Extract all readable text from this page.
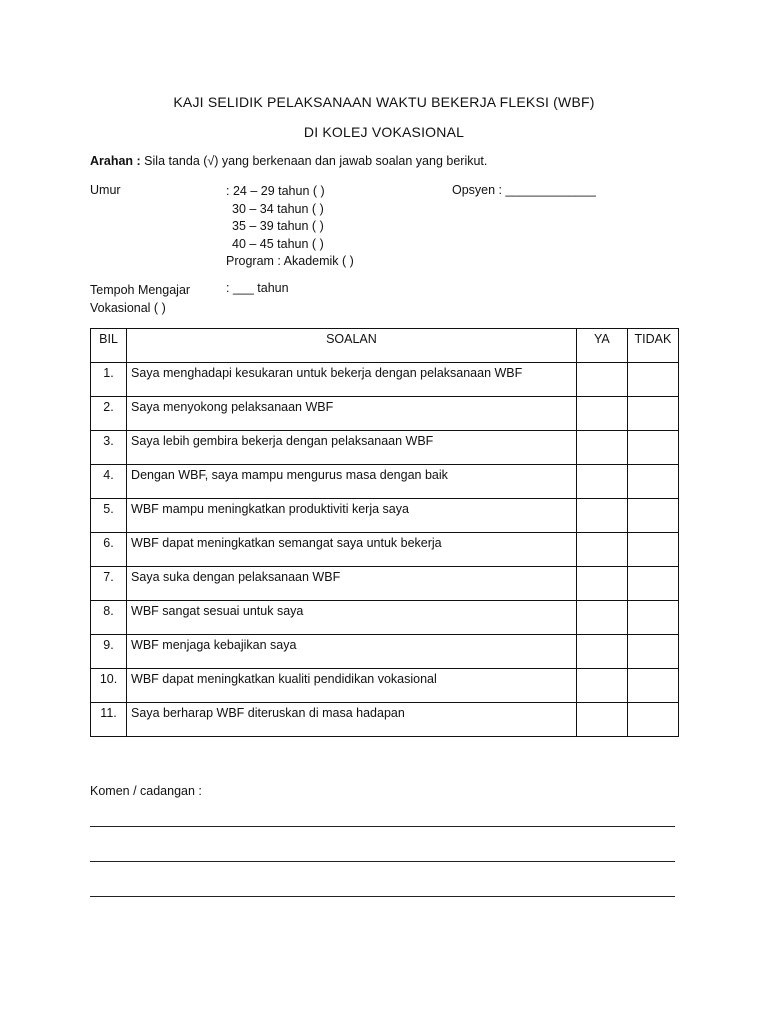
KAJI SELIDIK PELAKSANAAN WAKTU BEKERJA FLEKSI (WBF)
DI KOLEJ VOKASIONAL
Arahan : Sila tanda (√) yang berkenaan dan jawab soalan yang berikut.
Umur	: 24 – 29 tahun ( )
30 – 34 tahun ( )
35 – 39 tahun ( )
40 – 45 tahun ( )
Program : Akademik ( )
Opsyen : _____________
Tempoh Mengajar
Vokasional ( )
: ___ tahun
BIL	SOALAN	YA	TIDAK
1.	Saya menghadapi kesukaran untuk bekerja dengan pelaksanaan WBF		
2.	Saya menyokong pelaksanaan WBF		
3.	Saya lebih gembira bekerja dengan pelaksanaan WBF		
4.	Dengan WBF, saya mampu mengurus masa dengan baik		
5.	WBF mampu meningkatkan produktiviti kerja saya		
6.	WBF dapat meningkatkan semangat saya untuk bekerja		
7.	Saya suka dengan pelaksanaan WBF		
8.	WBF sangat sesuai untuk saya		
9.	WBF menjaga kebajikan saya		
10.	WBF dapat meningkatkan kualiti pendidikan vokasional		
11.	Saya berharap WBF diteruskan di masa hadapan		
Komen / cadangan :
